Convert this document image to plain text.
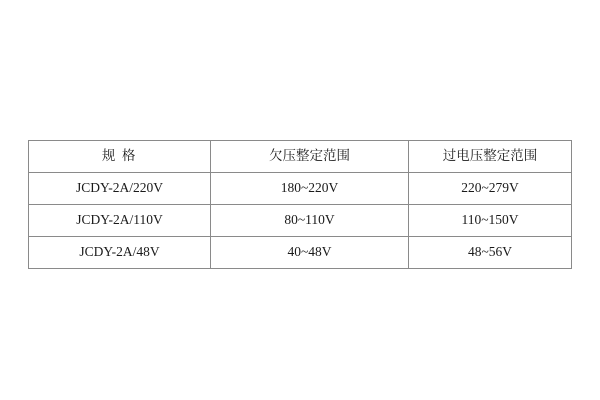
规 格	欠压整定范围	过电压整定范围
JCDY-2A/220V	180~220V	220~279V
JCDY-2A/110V	80~110V	110~150V
JCDY-2A/48V	40~48V	48~56V
